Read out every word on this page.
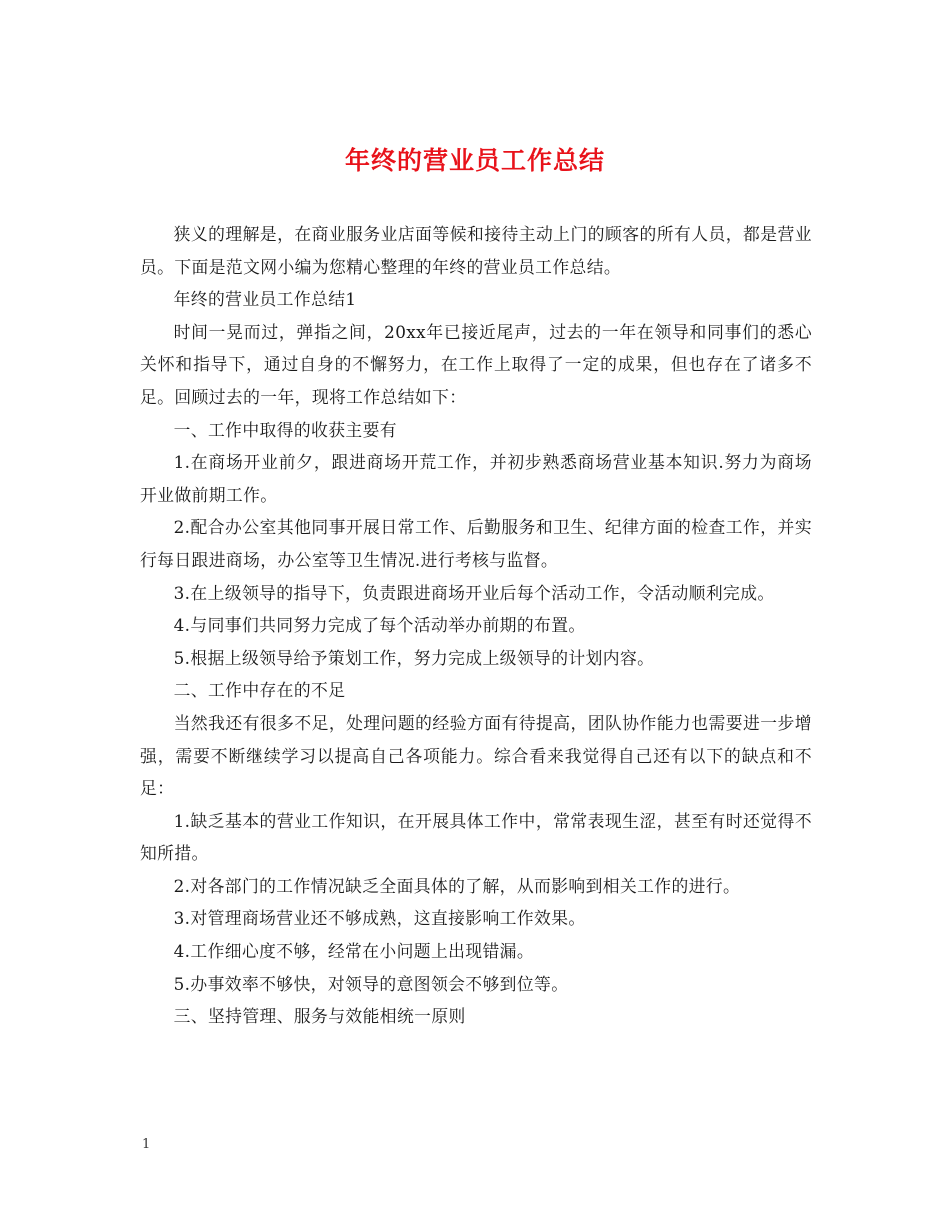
年终的营业员工作总结

狭义的理解是，在商业服务业店面等候和接待主动上门的顾客的所有人员，都是营业员。下面是范文网小编为您精心整理的年终的营业员工作总结。

年终的营业员工作总结1

时间一晃而过，弹指之间，20xx年已接近尾声，过去的一年在领导和同事们的悉心关怀和指导下，通过自身的不懈努力，在工作上取得了一定的成果，但也存在了诸多不足。回顾过去的一年，现将工作总结如下：

一、工作中取得的收获主要有

1.在商场开业前夕，跟进商场开荒工作，并初步熟悉商场营业基本知识.努力为商场开业做前期工作。

2.配合办公室其他同事开展日常工作、后勤服务和卫生、纪律方面的检查工作，并实行每日跟进商场，办公室等卫生情况.进行考核与监督。

3.在上级领导的指导下，负责跟进商场开业后每个活动工作，令活动顺利完成。

4.与同事们共同努力完成了每个活动举办前期的布置。

5.根据上级领导给予策划工作，努力完成上级领导的计划内容。

二、工作中存在的不足

当然我还有很多不足，处理问题的经验方面有待提高，团队协作能力也需要进一步增强，需要不断继续学习以提高自己各项能力。综合看来我觉得自己还有以下的缺点和不足：

1.缺乏基本的营业工作知识，在开展具体工作中，常常表现生涩，甚至有时还觉得不知所措。

2.对各部门的工作情况缺乏全面具体的了解，从而影响到相关工作的进行。

3.对管理商场营业还不够成熟，这直接影响工作效果。

4.工作细心度不够，经常在小问题上出现错漏。

5.办事效率不够快，对领导的意图领会不够到位等。

三、坚持管理、服务与效能相统一原则

1
